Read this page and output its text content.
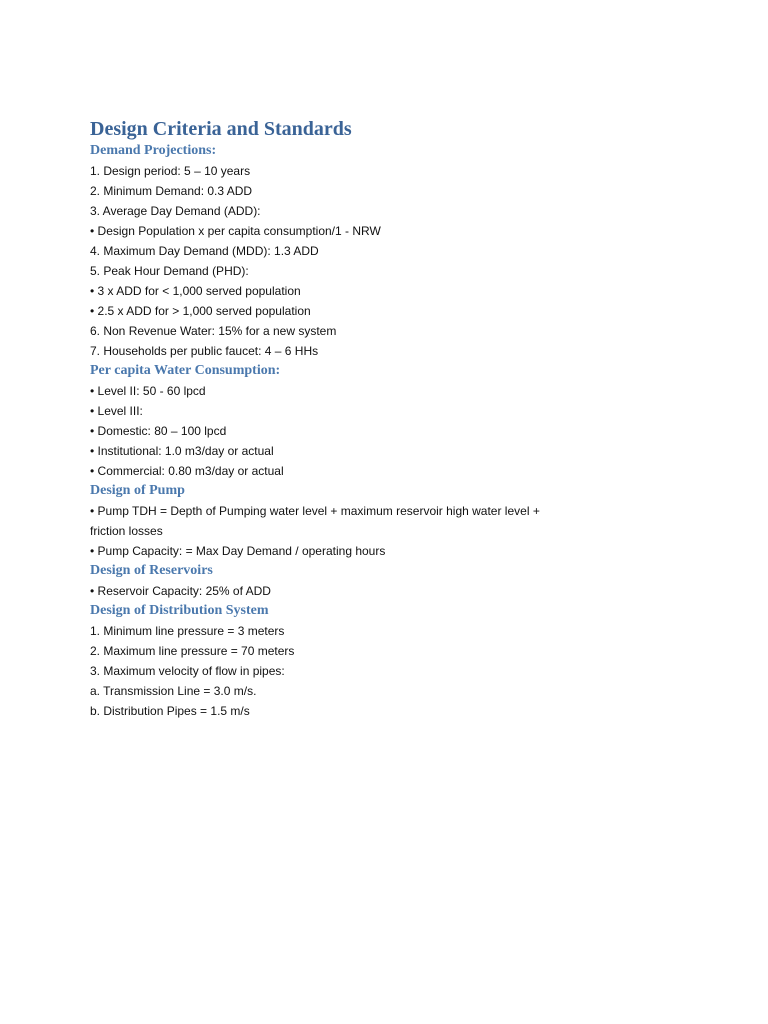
Design Criteria and Standards
Demand Projections:
1. Design period: 5 – 10 years
2. Minimum Demand: 0.3 ADD
3. Average Day Demand (ADD):
• Design Population x per capita consumption/1 - NRW
4. Maximum Day Demand (MDD): 1.3 ADD
5. Peak Hour Demand (PHD):
• 3 x ADD for < 1,000 served population
• 2.5 x ADD for > 1,000 served population
6. Non Revenue Water: 15% for a new system
7. Households per public faucet: 4 – 6 HHs
Per capita Water Consumption:
• Level II: 50 - 60 lpcd
• Level III:
• Domestic: 80 – 100 lpcd
• Institutional: 1.0 m3/day or actual
• Commercial: 0.80 m3/day or actual
Design of Pump
• Pump TDH = Depth of Pumping water level + maximum reservoir high water level + friction losses
• Pump Capacity: = Max Day Demand / operating hours
Design of Reservoirs
• Reservoir Capacity: 25% of ADD
Design of Distribution System
1. Minimum line pressure = 3 meters
2. Maximum line pressure = 70 meters
3. Maximum velocity of flow in pipes:
a. Transmission Line = 3.0 m/s.
b. Distribution Pipes = 1.5 m/s
